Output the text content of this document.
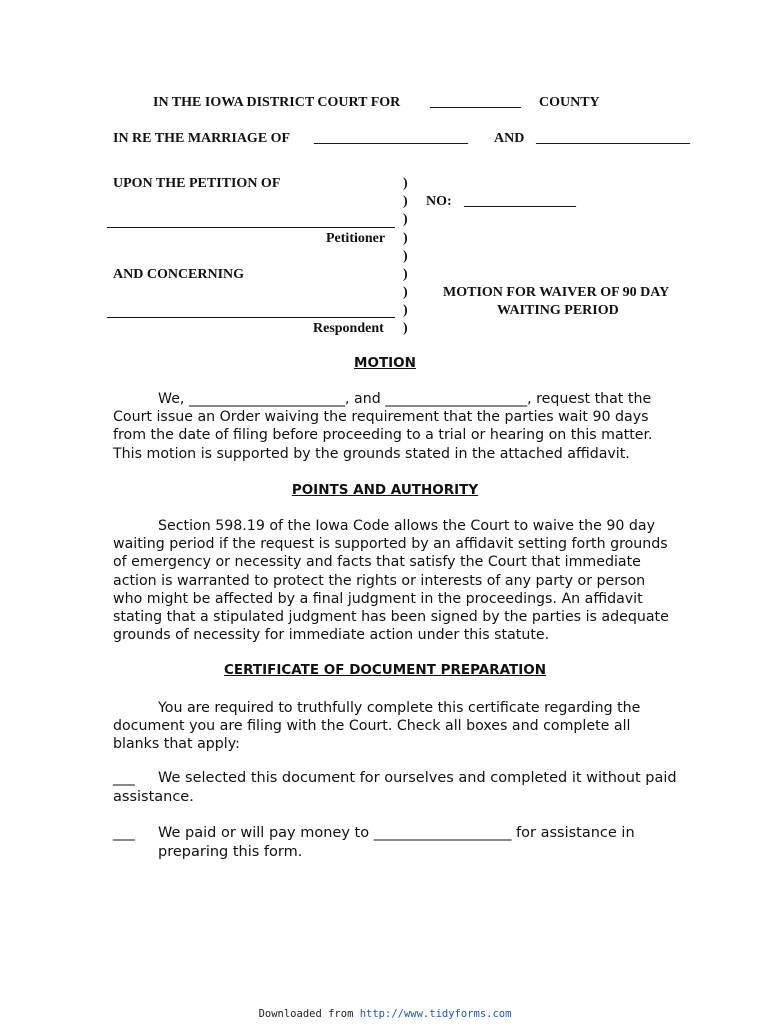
IN THE IOWA DISTRICT COURT FOR _____________ COUNTY
IN RE THE MARRIAGE OF ______________________ AND ______________________
UPON THE PETITION OF
Petitioner
AND CONCERNING
Respondent
)
)
)
)
)
)
)
)
)
NO: ________________
MOTION FOR WAIVER OF 90 DAY
WAITING PERIOD
MOTION
We, ______________________, and ____________________, request that the Court issue an Order waiving the requirement that the parties wait 90 days from the date of filing before proceeding to a trial or hearing on this matter. This motion is supported by the grounds stated in the attached affidavit.
POINTS AND AUTHORITY
Section 598.19 of the Iowa Code allows the Court to waive the 90 day waiting period if the request is supported by an affidavit setting forth grounds of emergency or necessity and facts that satisfy the Court that immediate action is warranted to protect the rights or interests of any party or person who might be affected by a final judgment in the proceedings. An affidavit stating that a stipulated judgment has been signed by the parties is adequate grounds of necessity for immediate action under this statute.
CERTIFICATE OF DOCUMENT PREPARATION
You are required to truthfully complete this certificate regarding the document you are filing with the Court. Check all boxes and complete all blanks that apply:
___ We selected this document for ourselves and completed it without paid
assistance.
___ We paid or will pay money to ___________________ for assistance in
preparing this form.
Downloaded from http://www.tidyforms.com
